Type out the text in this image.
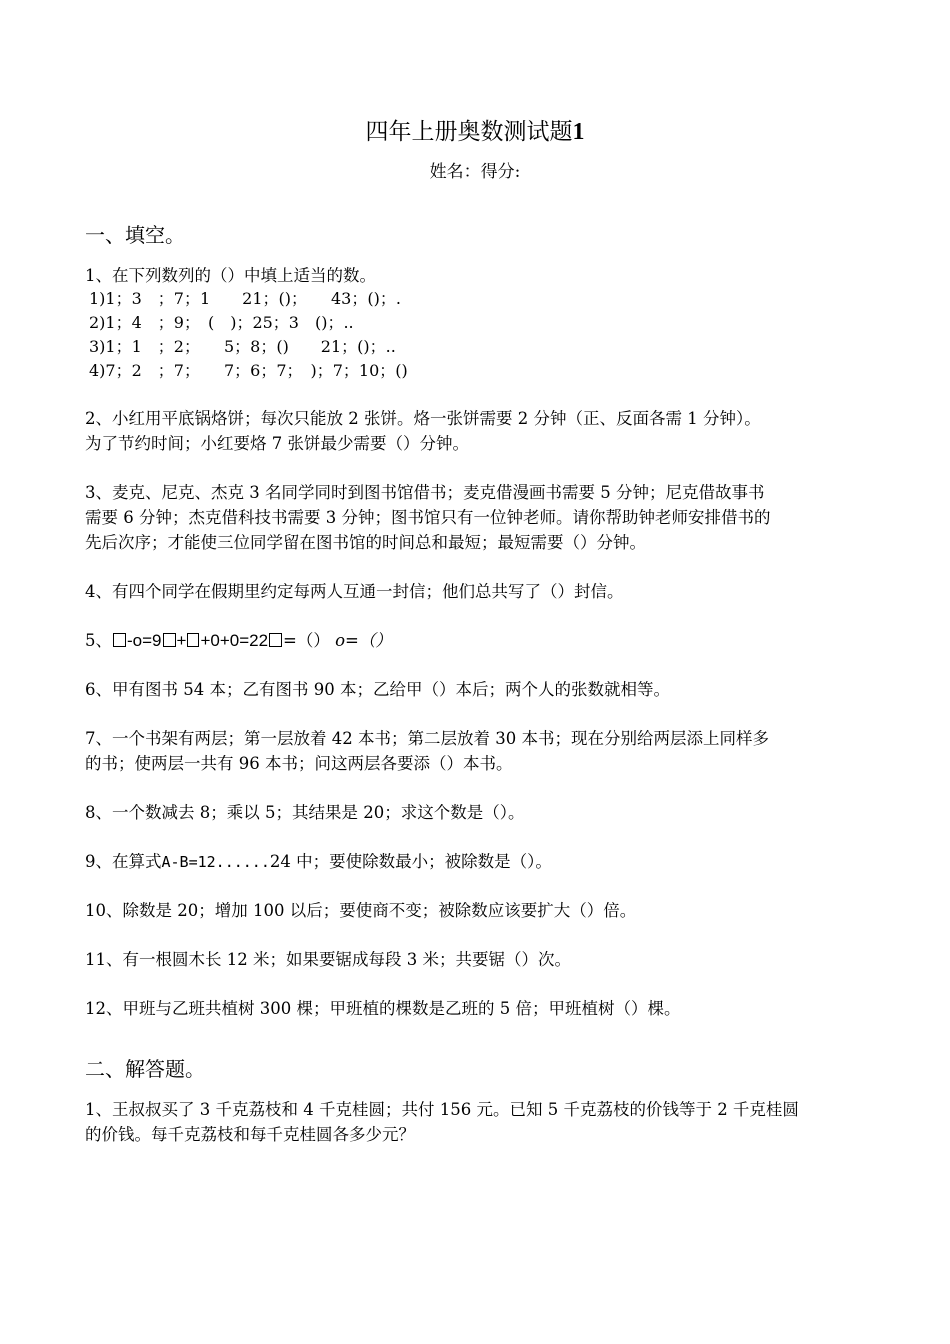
四年上册奥数测试题1
姓名：得分:
一、填空。
1、在下列数列的（）中填上适当的数。
1)1；3　；7；1　　21；()；　　43；()；.
2)1；4　；9；　(　)；25；3　()；..
3)1；1　；2；　　5；8；()　　21；()；..
4)7；2　；7；　　7；6；7；　)；7；10；()
2、小红用平底锅烙饼；每次只能放 2 张饼。烙一张饼需要 2 分钟（正、反面各需 1 分钟）。
为了节约时间；小红要烙 7 张饼最少需要（）分钟。
3、麦克、尼克、杰克 3 名同学同时到图书馆借书；麦克借漫画书需要 5 分钟；尼克借故事书
需要 6 分钟；杰克借科技书需要 3 分钟；图书馆只有一位钟老师。请你帮助钟老师安排借书的
先后次序；才能使三位同学留在图书馆的时间总和最短；最短需要（）分钟。
4、有四个同学在假期里约定每两人互通一封信；他们总共写了（）封信。
5、 -o=9 + +0+0=22 =（） o=（）
6、甲有图书 54 本；乙有图书 90 本；乙给甲（）本后；两个人的张数就相等。
7、一个书架有两层；第一层放着 42 本书；第二层放着 30 本书；现在分别给两层添上同样多
的书；使两层一共有 96 本书；问这两层各要添（）本书。
8、一个数减去 8；乘以 5；其结果是 20；求这个数是（）。
9、在算式A-B=12......24 中；要使除数最小；被除数是（）。
10、除数是 20；增加 100 以后；要使商不变；被除数应该要扩大（）倍。
11、有一根圆木长 12 米；如果要锯成每段 3 米；共要锯（）次。
12、甲班与乙班共植树 300 棵；甲班植的棵数是乙班的 5 倍；甲班植树（）棵。
二、解答题。
1、王叔叔买了 3 千克荔枝和 4 千克桂圆；共付 156 元。已知 5 千克荔枝的价钱等于 2 千克桂圆
的价钱。每千克荔枝和每千克桂圆各多少元？
